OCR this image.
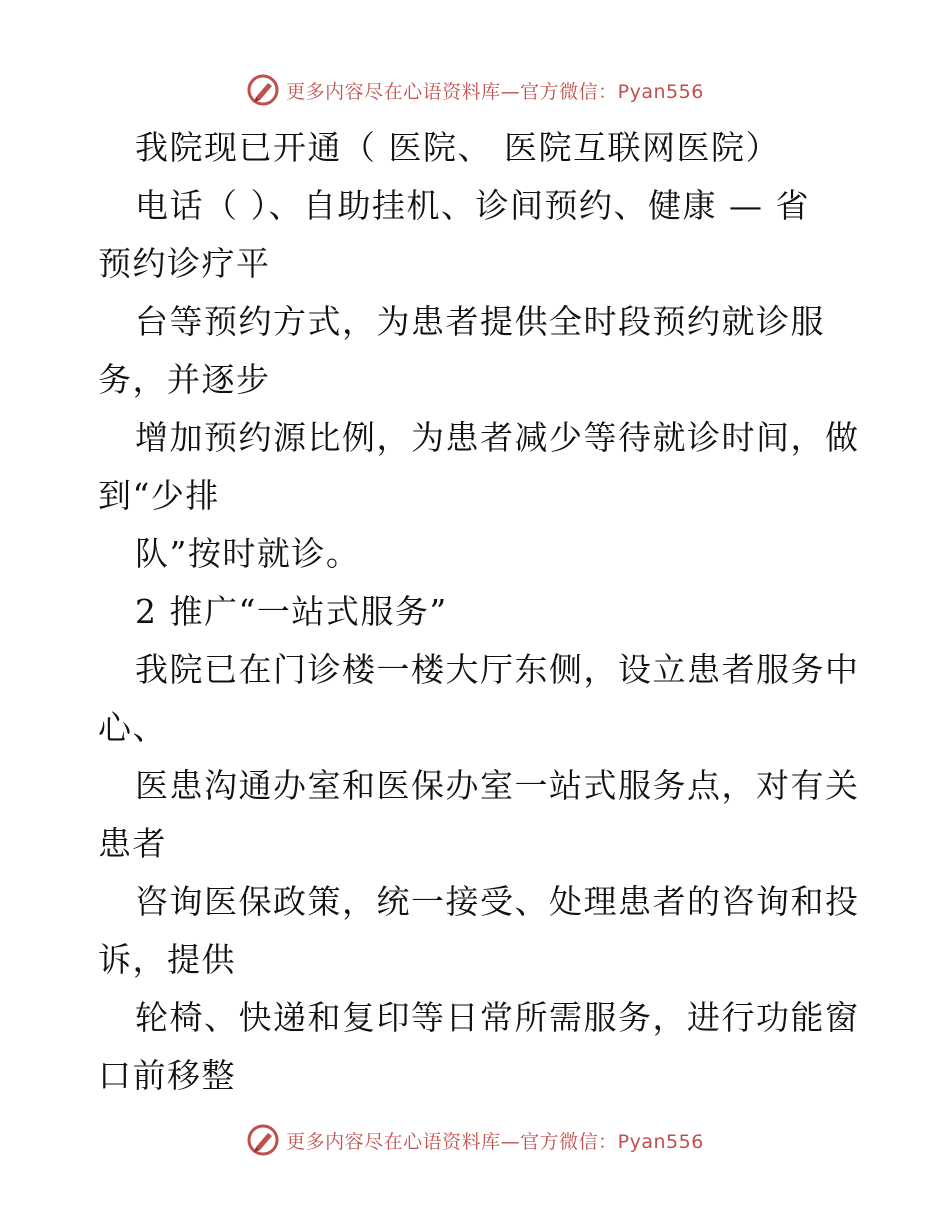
更多内容尽在心语资料库—官方微信：Pyan556
我院现已开通（ 医院、 医院互联网医院）
电话（ ）、自助挂机、诊间预约、健康 — 省
预约诊疗平
台等预约方式，为患者提供全时段预约就诊服
务，并逐步
增加预约源比例，为患者减少等待就诊时间，做
到“少排
队”按时就诊。
2 推广“一站式服务”
我院已在门诊楼一楼大厅东侧，设立患者服务中
心、
医患沟通办室和医保办室一站式服务点，对有关
患者
咨询医保政策，统一接受、处理患者的咨询和投
诉，提供
轮椅、快递和复印等日常所需服务，进行功能窗
口前移整
更多内容尽在心语资料库—官方微信：Pyan556
